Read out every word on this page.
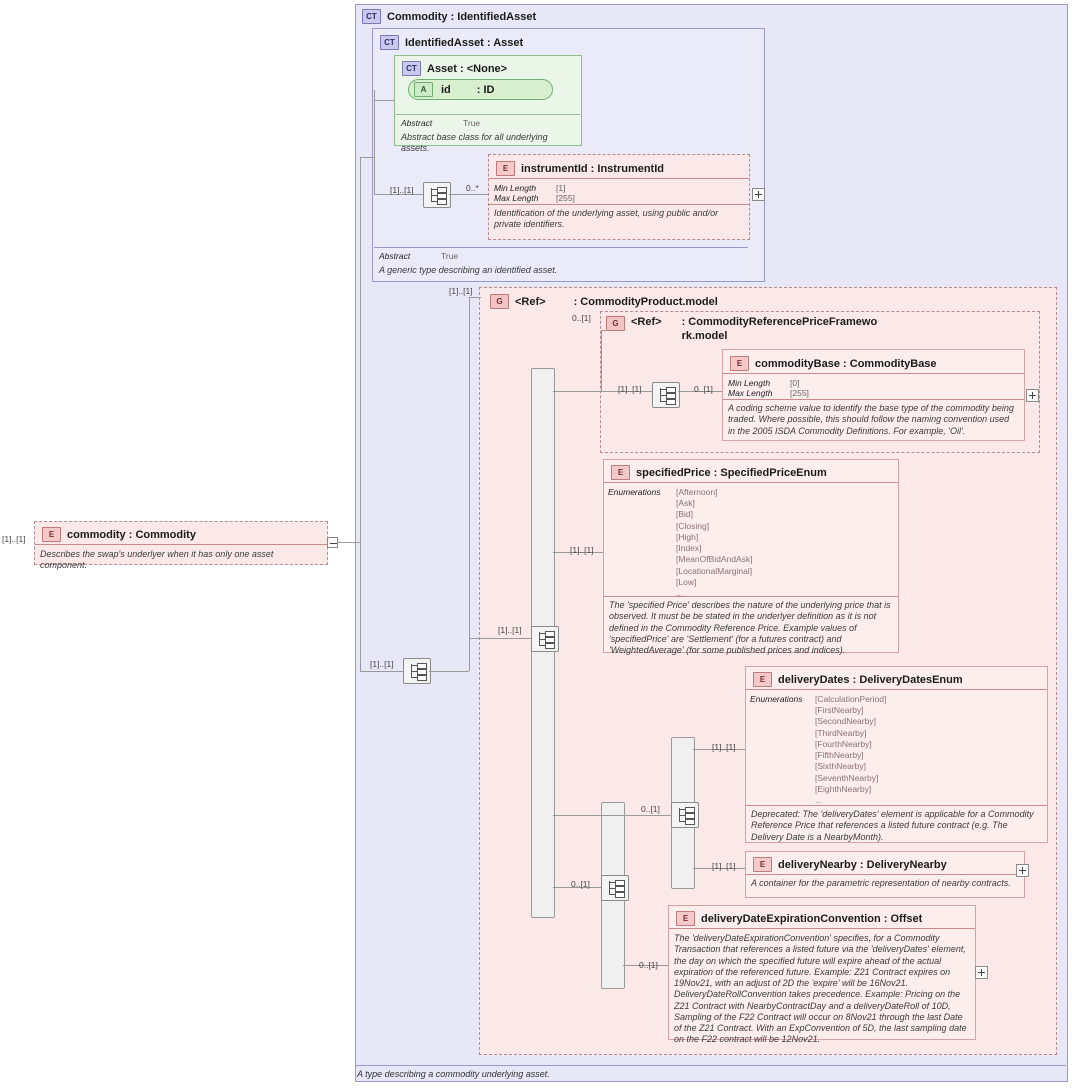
CT Commodity : IdentifiedAsset
CT IdentifiedAsset : Asset
Abstract	True
A generic type describing an identified asset.
CT Asset : <None>
A	id : ID
Abstract	True
Abstract base class for all underlying assets.
E	instrumentId : InstrumentId
Min Length	[1]
Max Length	[255]
Identification of the underlying asset, using public and/or private identifiers.
G	<Ref>	: CommodityProduct.model
G	<Ref> : CommodityReferencePriceFramewo rk.model
E	commodityBase : CommodityBase
Min Length	[0]
Max Length	[255]
A coding scheme value to identify the base type of the commodity being traded. Where possible, this should follow the naming convention used in the 2005 ISDA Commodity Definitions. For example, 'Oil'.
E	specifiedPrice : SpecifiedPriceEnum
Enumerations [Afternoon]
[Ask]
[Bid]
[Closing]
[High]
[Index]
[MeanOfBidAndAsk]
[LocationalMarginal]
[Low]
...
The 'specified Price' describes the nature of the underlying price that is observed. It must be be stated in the underlyer definition as it is not defined in the Commodity Reference Price. Example values of 'specifiedPrice' are 'Settlement' (for a futures contract) and 'WeightedAverage' (for some published prices and indices).
E	deliveryDates : DeliveryDatesEnum
Enumerations [CalculationPeriod]
[FirstNearby]
[SecondNearby]
[ThirdNearby]
[FourthNearby]
[FifthNearby]
[SixthNearby]
[SeventhNearby]
[EighthNearby]
...
Deprecated: The 'deliveryDates' element is applicable for a Commodity Reference Price that references a listed future contract (e.g. The Delivery Date is a NearbyMonth).
E	deliveryNearby : DeliveryNearby
A container for the parametric representation of nearby contracts.
E	deliveryDateExpirationConvention : Offset
The 'deliveryDateExpirationConvention' specifies, for a Commodity Transaction that references a listed future via the 'deliveryDates' element, the day on which the specified future will expire ahead of the actual expiration of the referenced future. Example: Z21 Contract expires on 19Nov21, with an adjust of 2D the 'expire' will be 16Nov21. DeliveryDateRollConvention takes precedence. Example: Pricing on the Z21 Contract with NearbyContractDay and a deliveryDateRoll of 10D, Sampling of the F22 Contract will occur on 8Nov21 through the last Date of the Z21 Contract. With an ExpConvention of 5D, the last sampling date on the F22 contract will be 12Nov21.
E	commodity : Commodity
Describes the swap's underlyer when it has only one asset component.
[1]..[1]
[1]..[1]	0..*
[1]..[1]
0..[1]
[1]..[1]	0..[1]
[1]..[1]
[1]..[1]
[1]..[1]
[1]..[1]
0..[1]
[1]..[1]
0..[1]
0..[1]
A type describing a commodity underlying asset.
